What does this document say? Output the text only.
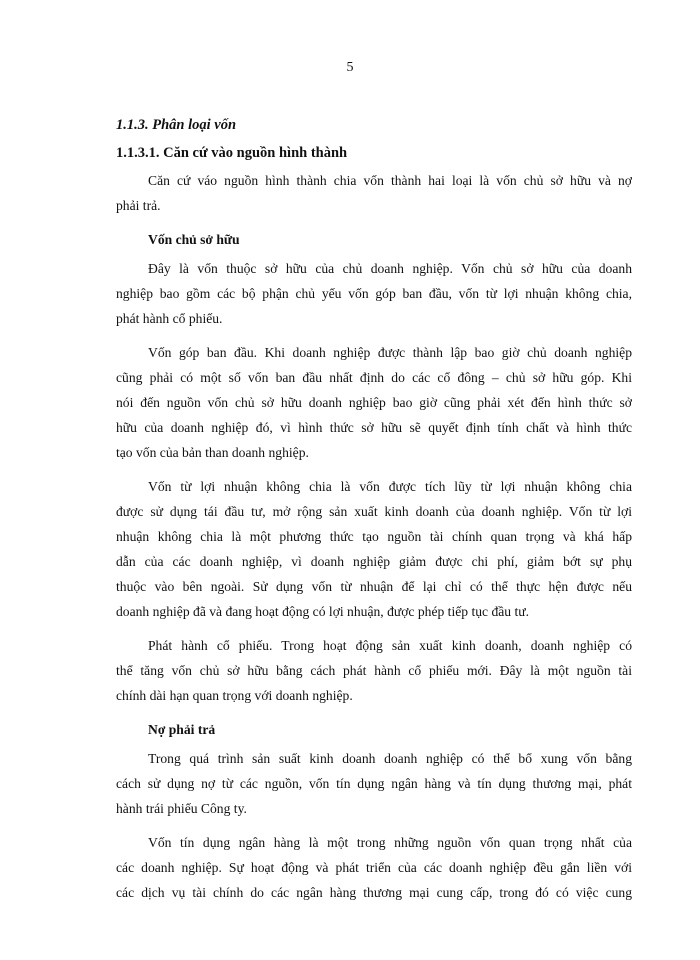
5
1.1.3. Phân loại vốn
1.1.3.1. Căn cứ vào nguồn hình thành
Căn cứ váo nguồn hình thành chia vốn thành hai loại là vốn chủ sở hữu và nợ
phải trả.
Vốn chủ sở hữu
Đây là vốn thuộc sở hữu của chủ doanh nghiệp. Vốn chủ sở hữu của doanh
nghiệp bao gồm các bộ phận chủ yếu vốn góp ban đầu, vốn từ lợi nhuận không chia,
phát hành cổ phiếu.
Vốn góp ban đầu. Khi doanh nghiệp được thành lập bao giờ chủ doanh nghiệp
cũng phải có một số vốn ban đầu nhất định do các cổ đông – chủ sở hữu góp. Khi
nói đến nguồn vốn chủ sở hữu doanh nghiệp bao giờ cũng phải xét đến hình thức sở
hữu của doanh nghiệp đó, vì hình thức sở hữu sẽ quyết định tính chất và hình thức
tạo vốn của bản than doanh nghiệp.
Vốn từ lợi nhuận không chia là vốn được tích lũy từ lợi nhuận không chia
được sử dụng tái đầu tư, mở rộng sản xuất kinh doanh của doanh nghiệp. Vốn từ lợi
nhuận không chia là một phương thức tạo nguồn tài chính quan trọng và khá hấp
dẫn của các doanh nghiệp, vì doanh nghiệp giảm được chi phí, giảm bớt sự phụ
thuộc vào bên ngoài. Sử dụng vốn từ nhuận để lại chỉ có thể thực hện được nếu
doanh nghiệp đã và đang hoạt động có lợi nhuận, được phép tiếp tục đầu tư.
Phát hành cổ phiếu. Trong hoạt động sản xuất kinh doanh, doanh nghiệp có
thể tăng vốn chủ sở hữu bằng cách phát hành cổ phiếu mới. Đây là một nguồn tài
chính dài hạn quan trọng với doanh nghiệp.
Nợ phải trả
Trong quá trình sản suất kinh doanh doanh nghiệp có thể bổ xung vốn bằng
cách sử dụng nợ từ các nguồn, vốn tín dụng ngân hàng và tín dụng thương mại, phát
hành trái phiếu Công ty.
Vốn tín dụng ngân hàng là một trong những nguồn vốn quan trọng nhất của
các doanh nghiệp. Sự hoạt động và phát triển của các doanh nghiệp đều gắn liền với
các dịch vụ tài chính do các ngân hàng thương mại cung cấp, trong đó có việc cung
